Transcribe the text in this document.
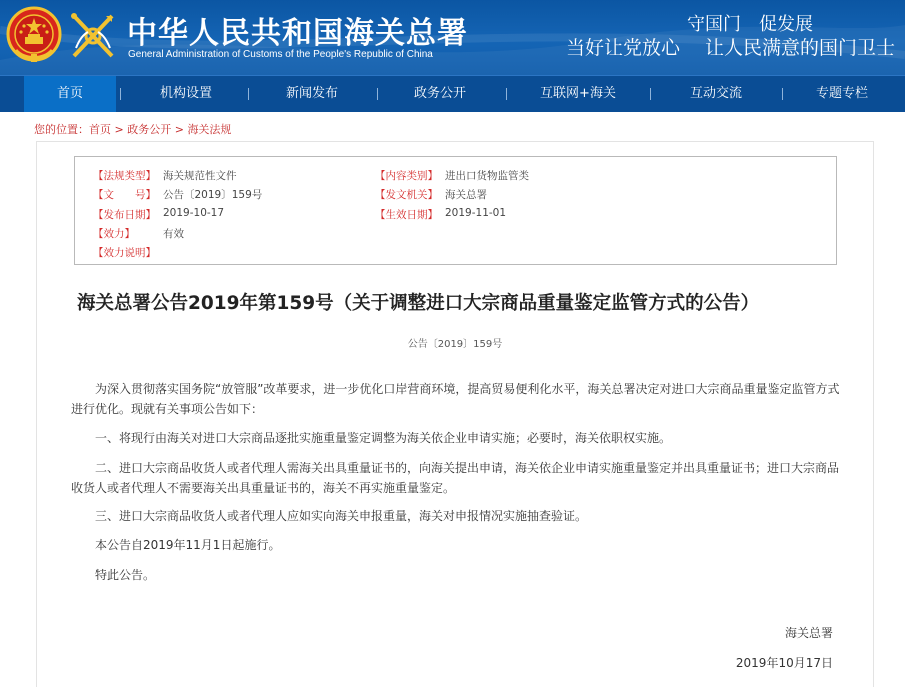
中华人民共和国海关总署
General Administration of Customs of the People's Republic of China
守国门　促发展
当好让党放心　 让人民满意的国门卫士
首页	机构设置	新闻发布	政务公开	互联网+海关	互动交流	专题专栏
您的位置：首页 > 政务公开 > 海关法规
【法规类型】 海关规范性文件	【内容类别】 进出口货物监管类
【文　　号】 公告〔2019〕159号	【发文机关】 海关总署
【发布日期】 2019-10-17	【生效日期】 2019-11-01
【效力】	有效
【效力说明】
海关总署公告2019年第159号（关于调整进口大宗商品重量鉴定监管方式的公告）
公告〔2019〕159号
为深入贯彻落实国务院“放管服”改革要求，进一步优化口岸营商环境，提高贸易便利化水平，海关总署决定对进口大宗商品重量鉴定监管方式进行优化。现就有关事项公告如下：
一、将现行由海关对进口大宗商品逐批实施重量鉴定调整为海关依企业申请实施；必要时，海关依职权实施。
二、进口大宗商品收货人或者代理人需海关出具重量证书的，向海关提出申请，海关依企业申请实施重量鉴定并出具重量证书；进口大宗商品收货人或者代理人不需要海关出具重量证书的，海关不再实施重量鉴定。
三、进口大宗商品收货人或者代理人应如实向海关申报重量，海关对申报情况实施抽查验证。
本公告自2019年11月1日起施行。
特此公告。
海关总署
2019年10月17日
